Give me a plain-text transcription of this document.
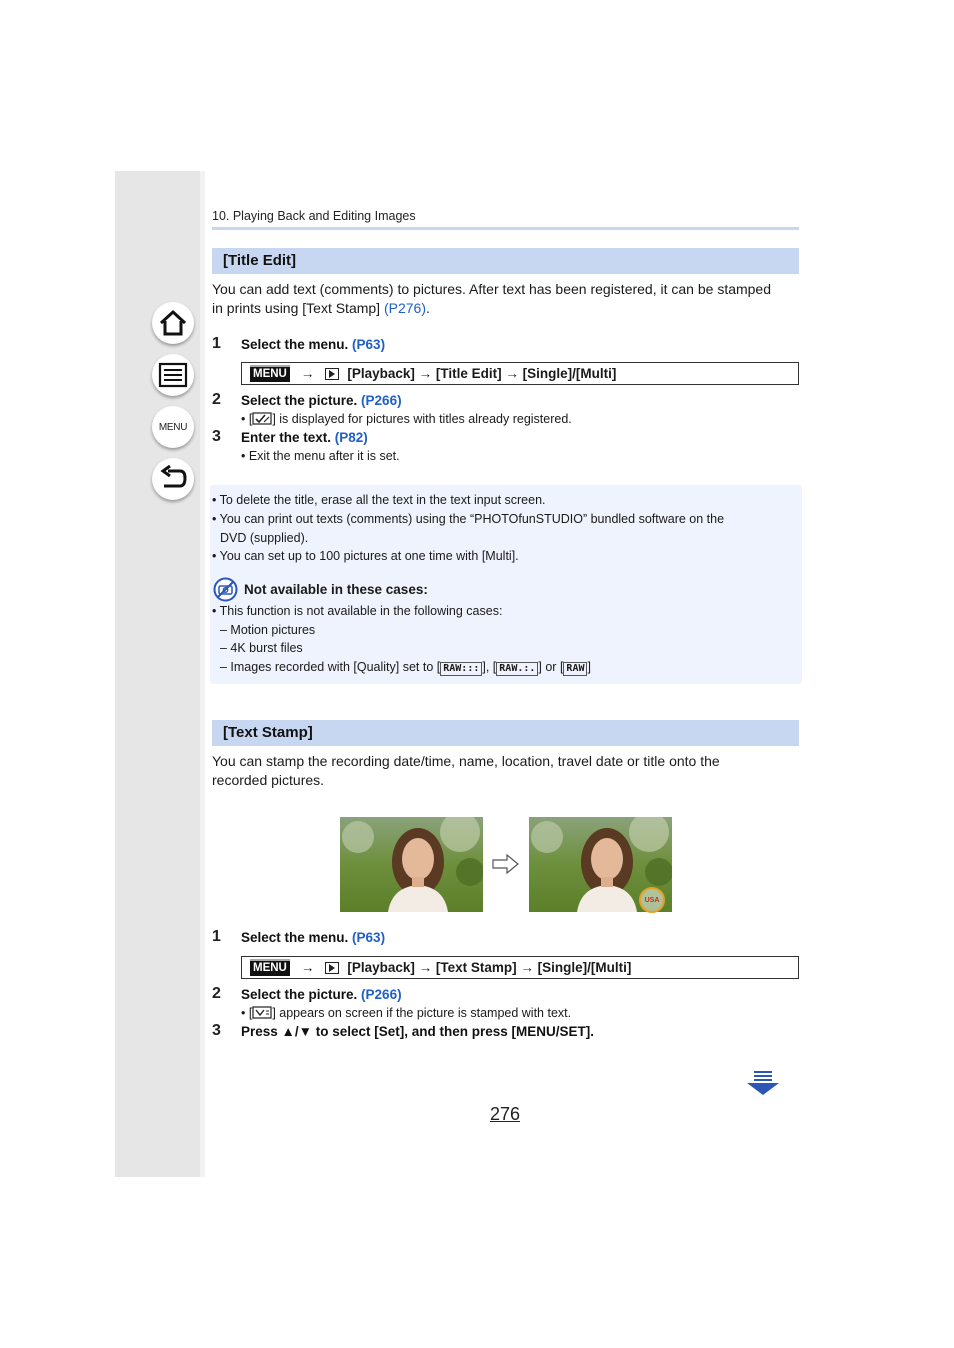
MENU
10. Playing Back and Editing Images
[Title Edit]
You can add text (comments) to pictures. After text has been registered, it can be stamped
in prints using [Text Stamp] (P276).
1 Select the menu. (P63)
MENU → [Playback] → [Title Edit] → [Single]/[Multi]
2 Select the picture. (P266)
• [ ] is displayed for pictures with titles already registered.
3 Enter the text. (P82)
• Exit the menu after it is set.
• To delete the title, erase all the text in the text input screen.
• You can print out texts (comments) using the “PHOTOfunSTUDIO” bundled software on the
DVD (supplied).
• You can set up to 100 pictures at one time with [Multi].
Not available in these cases:
• This function is not available in the following cases:
– Motion pictures
– 4K burst files
– Images recorded with [Quality] set to [ RAW::: ], [ RAW.:. ] or [ RAW ]
[Text Stamp]
You can stamp the recording date/time, name, location, travel date or title onto the
recorded pictures.
USA
1 Select the menu. (P63)
MENU → [Playback] → [Text Stamp] → [Single]/[Multi]
2 Select the picture. (P266)
• [ ] appears on screen if the picture is stamped with text.
3 Press ▲/▼ to select [Set], and then press [MENU/SET].
276
